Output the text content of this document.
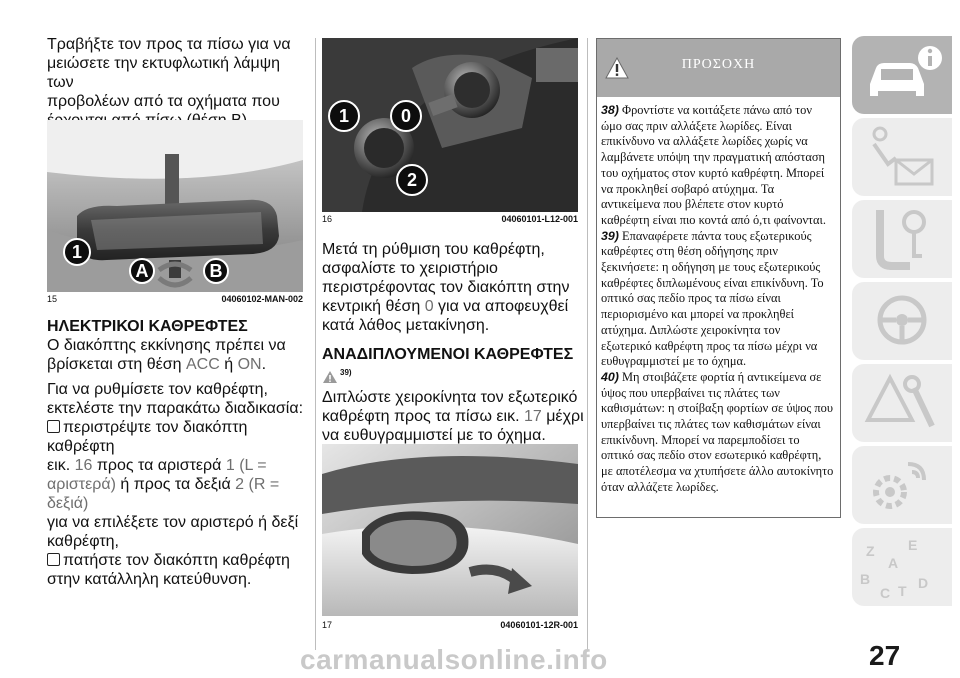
Τραβήξτε τον προς τα πίσω για να

μειώσετε την εκτυφλωτική λάμψη των

προβολέων από τα οχήματα που

1
A	B
15	04060102-MAN-002

ΗΛΕΚΤΡΙΚΟΙ ΚΑΘΡΕΦΤΕΣ

Ο διακόπτης εκκίνησης πρέπει να

βρίσκεται στη θέση ACC ή ON.

Για να ρυθμίσετε τον καθρέφτη,

εκτελέστε την παρακάτω διαδικασία:

περιστρέψτε τον διακόπτη καθρέφτη

εικ. 16 προς τα αριστερά 1 (L =

αριστερά) ή προς τα δεξιά 2 (R = δεξιά)

για να επιλέξετε τον αριστερό ή δεξί

καθρέφτη,

πατήστε τον διακόπτη καθρέφτη

στην κατάλληλη κατεύθυνση.

1	0
2
16	04060101-L12-001

Μετά τη ρύθμιση του καθρέφτη,

ασφαλίστε το χειριστήριο

περιστρέφοντας τον διακόπτη στην

κεντρική θέση 0 για να αποφευχθεί

κατά λάθος μετακίνηση.

ΑΝΑΔΙΠΛΟΥΜΕΝΟΙ ΚΑΘΡΕΦΤΕΣ

39)

Διπλώστε χειροκίνητα τον εξωτερικό

καθρέφτη προς τα πίσω εικ. 17 μέχρι

να ευθυγραμμιστεί με το όχημα.

17	04060101-12R-001
ΠΡΟΣΟΧΗ

38) Φροντίστε να κοιτάξετε πάνω από τον ώμο σας πριν αλλάξετε λωρίδες. Είναι επικίνδυνο να αλλάξετε λωρίδες χωρίς να λαμβάνετε υπόψη την πραγματική απόσταση του οχήματος στον κυρτό καθρέφτη. Μπορεί να προκληθεί σοβαρό ατύχημα. Τα αντικείμενα που βλέπετε στον κυρτό καθρέφτη είναι πιο κοντά από ό,τι φαίνονται.

39) Επαναφέρετε πάντα τους εξωτερικούς καθρέφτες στη θέση οδήγησης πριν ξεκινήσετε: η οδήγηση με τους εξωτερικούς καθρέφτες διπλωμένους είναι επικίνδυνη. Το οπτικό σας πεδίο προς τα πίσω είναι περιορισμένο και μπορεί να προκληθεί ατύχημα. Διπλώστε χειροκίνητα τον εξωτερικό καθρέφτη προς τα πίσω μέχρι να ευθυγραμμιστεί με το όχημα.

40) Μη στοιβάζετε φορτία ή αντικείμενα σε ύψος που υπερβαίνει τις πλάτες των καθισμάτων: η στοίβαξη φορτίων σε ύψος που υπερβαίνει τις πλάτες των καθισμάτων είναι επικίνδυνη. Μπορεί να παρεμποδίσει το οπτικό σας πεδίο στον εσωτερικό καθρέφτη, με αποτέλεσμα να χτυπήσετε άλλο αυτοκίνητο όταν αλλάζετε λωρίδες.

Z E
A
B
C T D
carmanualsonline.info	27
